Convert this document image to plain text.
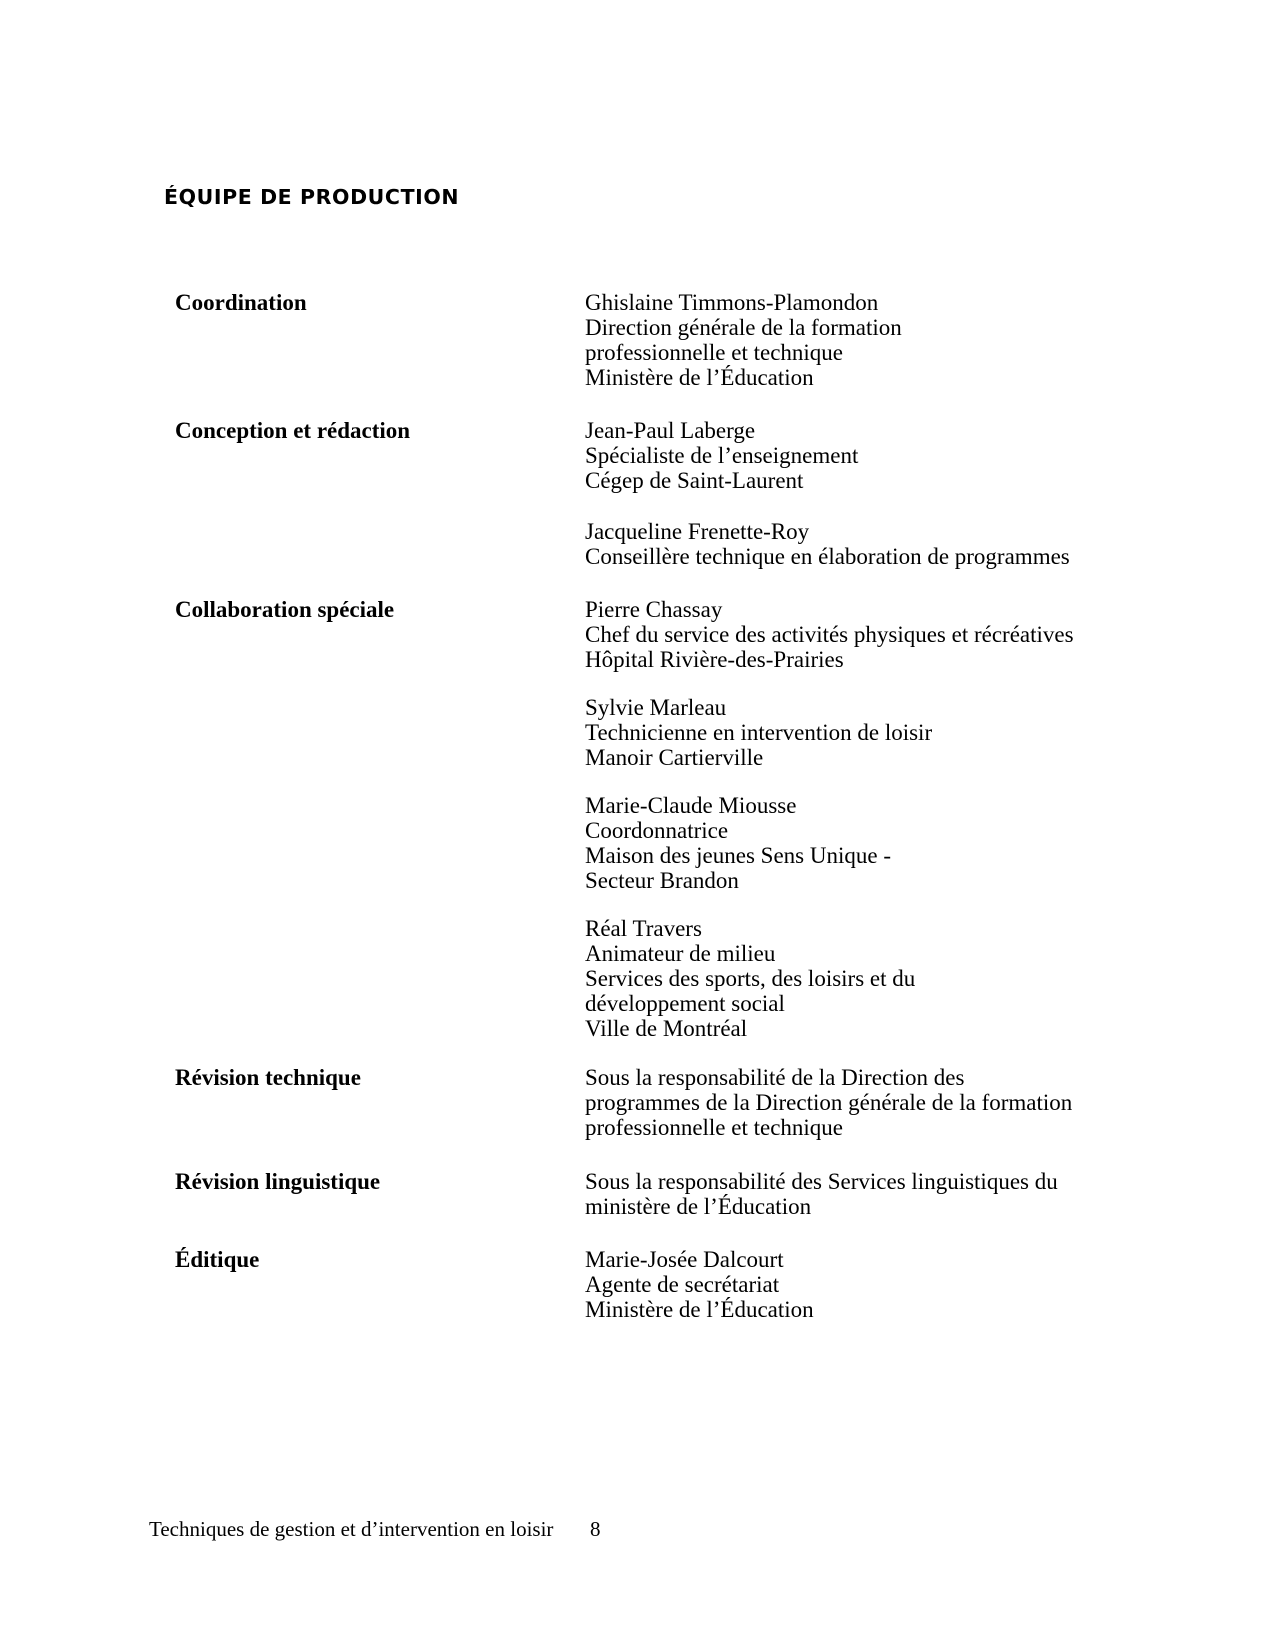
ÉQUIPE DE PRODUCTION
Coordination	Ghislaine Timmons-Plamondon
Direction générale de la formation
professionnelle et technique
Ministère de l’Éducation
Conception et rédaction	Jean-Paul Laberge
Spécialiste de l’enseignement
Cégep de Saint-Laurent
Jacqueline Frenette-Roy
Conseillère technique en élaboration de programmes
Collaboration spéciale	Pierre Chassay
Chef du service des activités physiques et récréatives
Hôpital Rivière-des-Prairies
Sylvie Marleau
Technicienne en intervention de loisir
Manoir Cartierville
Marie-Claude Miousse
Coordonnatrice
Maison des jeunes Sens Unique -
Secteur Brandon
Réal Travers
Animateur de milieu
Services des sports, des loisirs et du
développement social
Ville de Montréal
Révision technique	Sous la responsabilité de la Direction des
programmes de la Direction générale de la formation
professionnelle et technique
Révision linguistique	Sous la responsabilité des Services linguistiques du
ministère de l’Éducation
Éditique	Marie-Josée Dalcourt
Agente de secrétariat
Ministère de l’Éducation
Techniques de gestion et d’intervention en loisir 8
